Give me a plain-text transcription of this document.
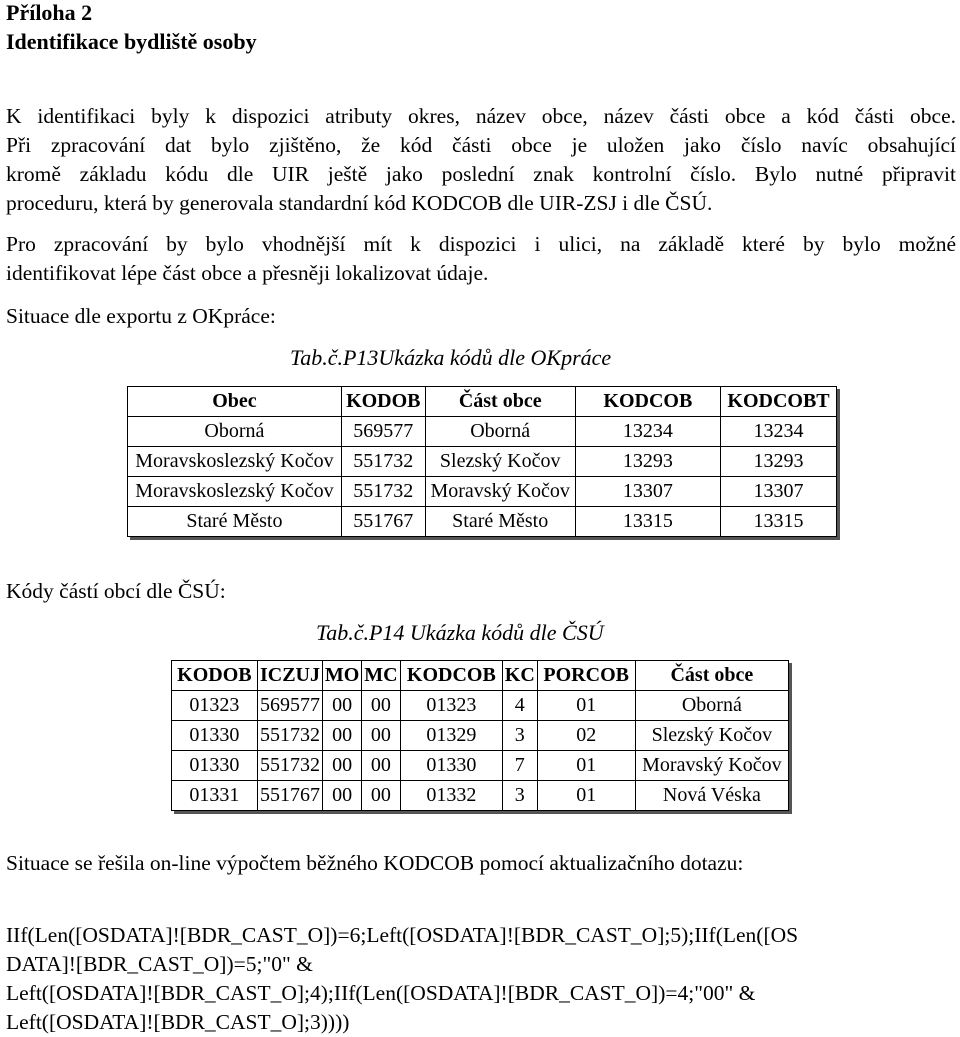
Příloha 2
Identifikace bydliště osoby
K identifikaci byly k dispozici atributy okres, název obce, název části obce a kód části obce.
Při zpracování dat bylo zjištěno, že kód části obce je uložen jako číslo navíc obsahující
kromě základu kódu dle UIR ještě jako poslední znak kontrolní číslo. Bylo nutné připravit
proceduru, která by generovala standardní kód KODCOB dle UIR-ZSJ i dle ČSÚ.
Pro zpracování by bylo vhodnější mít k dispozici i ulici, na základě které by bylo možné
identifikovat lépe část obce a přesněji lokalizovat údaje.
Situace dle exportu z OKpráce:
Tab.č.P13Ukázka kódů dle OKpráce
Obec	KODOB	Část obce	KODCOB	KODCOBT
Oborná	569577	Oborná	13234	13234
Moravskoslezský Kočov	551732	Slezský Kočov	13293	13293
Moravskoslezský Kočov	551732	Moravský Kočov	13307	13307
Staré Město	551767	Staré Město	13315	13315
Kódy částí obcí dle ČSÚ:
Tab.č.P14 Ukázka kódů dle ČSÚ
KODOB	ICZUJ	MO	MC	KODCOB	KC	PORCOB	Část obce
01323	569577	00	00	01323	4	01	Oborná
01330	551732	00	00	01329	3	02	Slezský Kočov
01330	551732	00	00	01330	7	01	Moravský Kočov
01331	551767	00	00	01332	3	01	Nová Véska
Situace se řešila on-line výpočtem běžného KODCOB pomocí aktualizačního dotazu:
IIf(Len([OSDATA]![BDR_CAST_O])=6;Left([OSDATA]![BDR_CAST_O];5);IIf(Len([OS
DATA]![BDR_CAST_O])=5;"0" &
Left([OSDATA]![BDR_CAST_O];4);IIf(Len([OSDATA]![BDR_CAST_O])=4;"00" &
Left([OSDATA]![BDR_CAST_O];3))))
